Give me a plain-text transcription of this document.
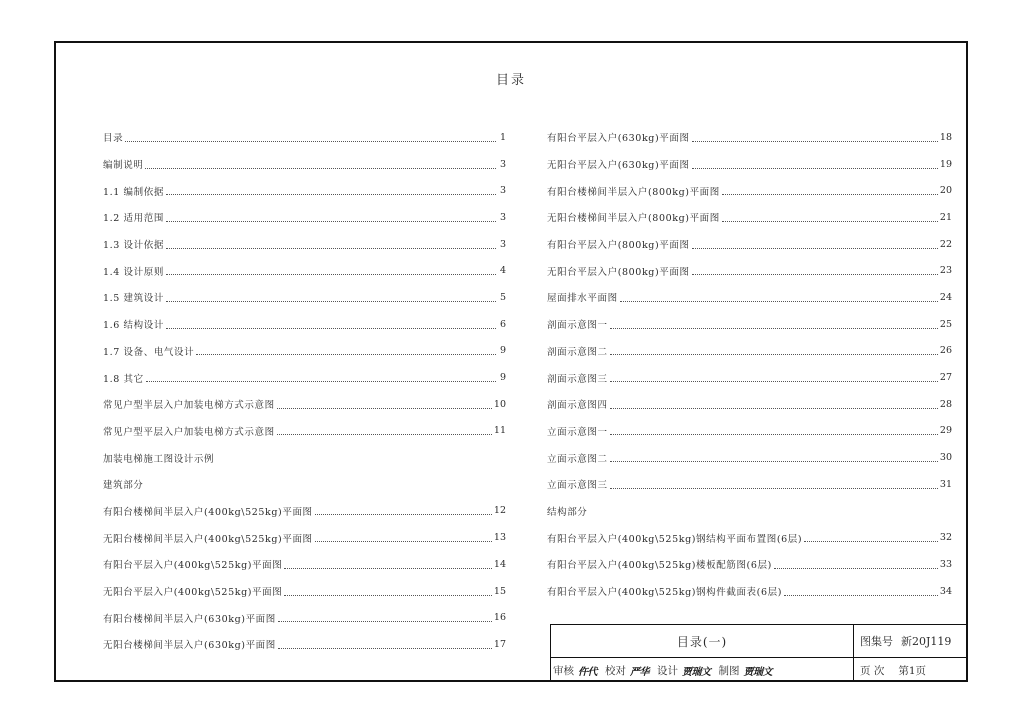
目录
目录	1
编制说明	3
1.1 编制依据	3
1.2 适用范围	3
1.3 设计依据	3
1.4 设计原则	4
1.5 建筑设计	5
1.6 结构设计	6
1.7 设备、电气设计	9
1.8 其它	9
常见户型半层入户加装电梯方式示意图	10
常见户型平层入户加装电梯方式示意图	11
加装电梯施工图设计示例
建筑部分
有阳台楼梯间半层入户(400kg\525kg)平面图	12
无阳台楼梯间半层入户(400kg\525kg)平面图	13
有阳台平层入户(400kg\525kg)平面图	14
无阳台平层入户(400kg\525kg)平面图	15
有阳台楼梯间半层入户(630kg)平面图	16
无阳台楼梯间半层入户(630kg)平面图	17
有阳台平层入户(630kg)平面图	18
无阳台平层入户(630kg)平面图	19
有阳台楼梯间半层入户(800kg)平面图	20
无阳台楼梯间半层入户(800kg)平面图	21
有阳台平层入户(800kg)平面图	22
无阳台平层入户(800kg)平面图	23
屋面排水平面图	24
剖面示意图一	25
剖面示意图二	26
剖面示意图三	27
剖面示意图四	28
立面示意图一	29
立面示意图二	30
立面示意图三	31
结构部分
有阳台平层入户(400kg\525kg)钢结构平面布置图(6层)	32
有阳台平层入户(400kg\525kg)楼板配筋图(6层)	33
有阳台平层入户(400kg\525kg)钢构件截面表(6层)	34
目录(一)	图集号 新20J119
审核 仵代 校对 严华 设计 贾瑞文 制图 贾瑞文	页 次 第1页
